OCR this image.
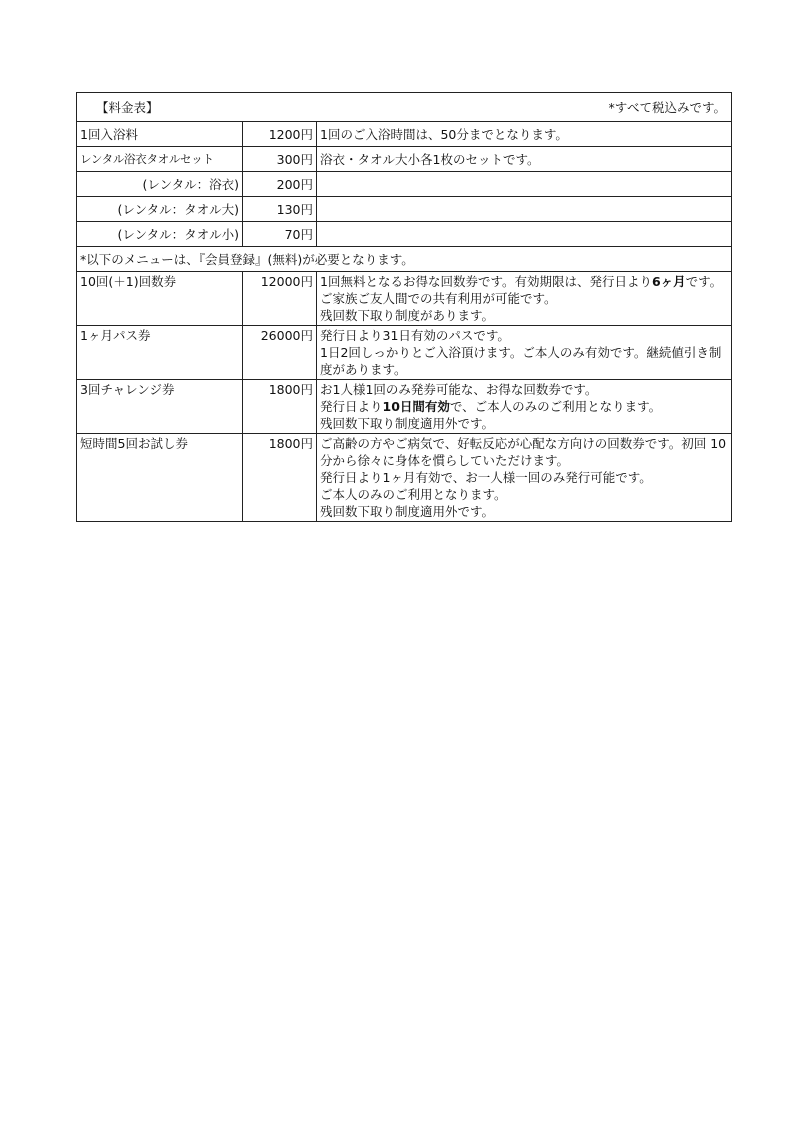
【料金表】 *すべて税込みです。		

1回入浴料	1200円	1回のご入浴時間は、50分までとなります。
レンタル浴衣タオルセット	300円	浴衣・タオル大小各1枚のセットです。
(レンタル：浴衣)	200円	
(レンタル：タオル大)	130円	
(レンタル：タオル小)	70円	
*以下のメニューは、『会員登録』(無料)が必要となります。		
10回(＋1)回数券	12000円	1回無料となるお得な回数券です。有効期限は、発行日より6ヶ月です。ご家族ご友人間での共有利用が可能です。
残回数下取り制度があります。

1ヶ月パス券	26000円	発行日より31日有効のパスです。
1日2回しっかりとご入浴頂けます。ご本人のみ有効です。継続値引き制度があります。

3回チャレンジ券	1800円	お1人様1回のみ発券可能な、お得な回数券です。
発行日より10日間有効で、ご本人のみのご利用となります。
残回数下取り制度適用外です。

短時間5回お試し券	1800円	ご高齢の方やご病気で、好転反応が心配な方向けの回数券です。初回 10分から徐々に身体を慣らしていただけます。
発行日より1ヶ月有効で、お一人様一回のみ発行可能です。
ご本人のみのご利用となります。
残回数下取り制度適用外です。
